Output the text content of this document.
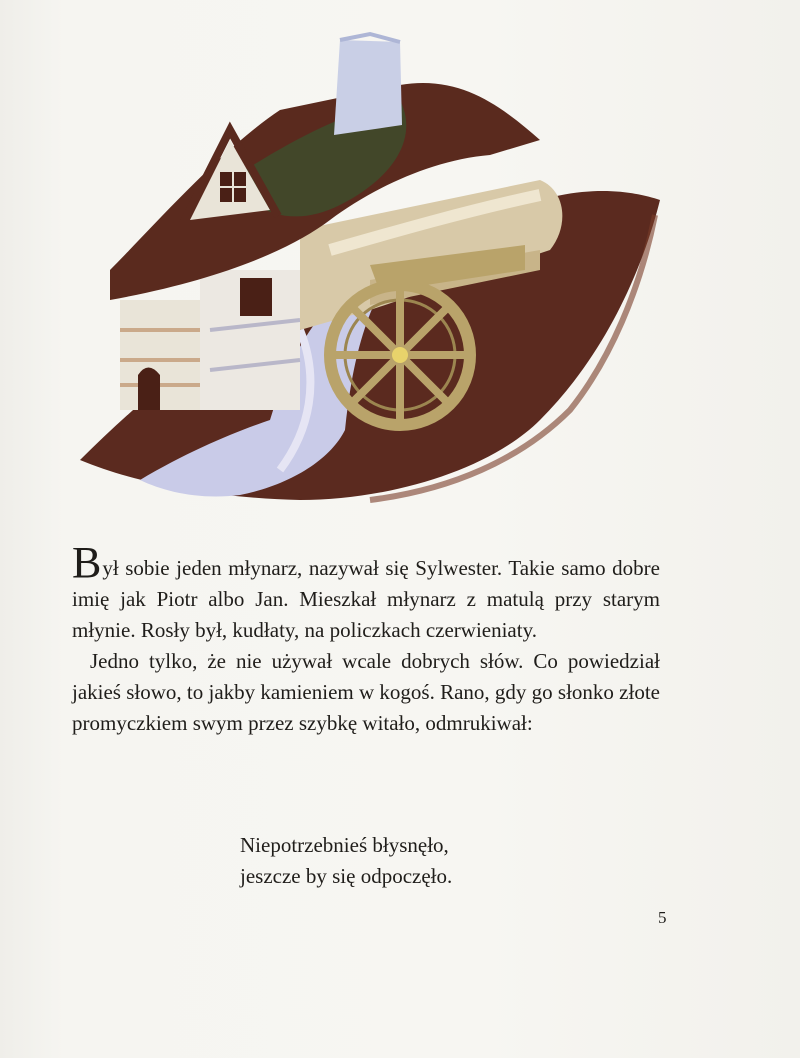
Był sobie jeden młynarz, nazywał się Sylwester. Takie samo dobre imię jak Piotr albo Jan. Mieszkał młynarz z matulą przy starym młynie. Rosły był, kudłaty, na policzkach czerwieniaty.

Jedno tylko, że nie używał wcale dobrych słów. Co powiedział jakieś słowo, to jakby kamieniem w kogoś. Rano, gdy go słonko złote promyczkiem swym przez szybkę witało, odmrukiwał:

Niepotrzebnieś błysnęło,
jeszcze by się odpoczęło.
5
